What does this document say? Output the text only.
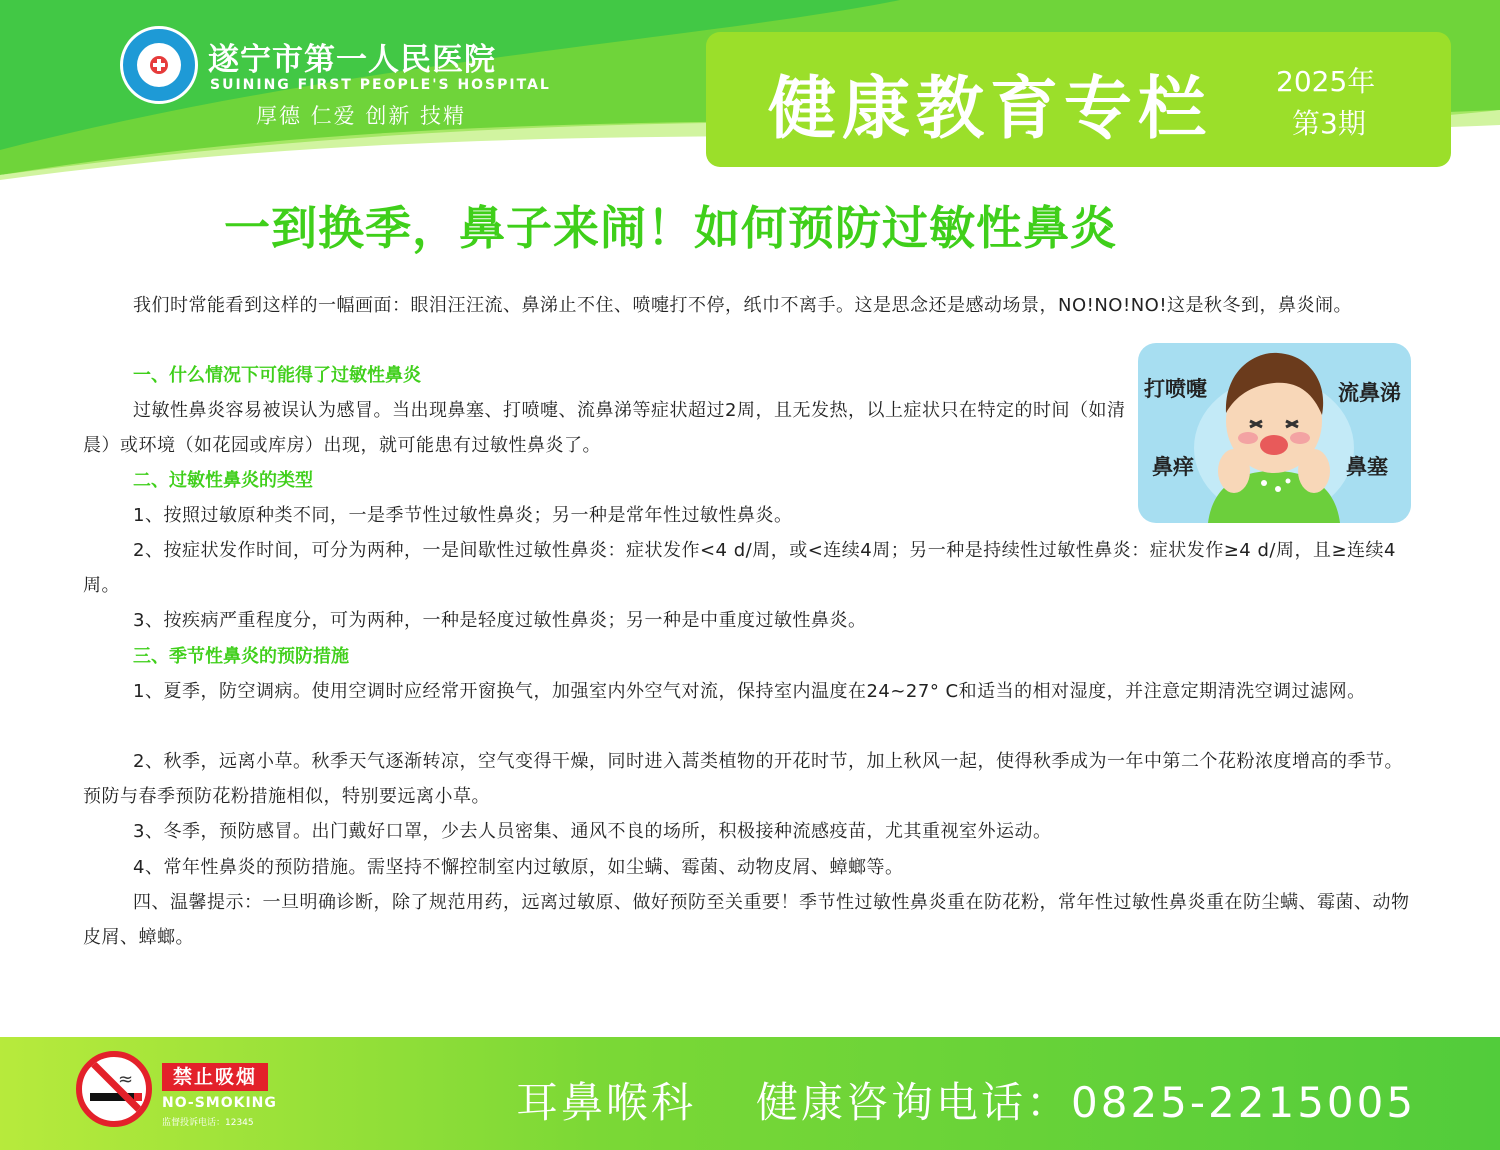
遂宁市第一人民医院
SUINING FIRST PEOPLE'S HOSPITAL
厚德 仁爱 创新 技精	健康教育专栏 2025年
第3期
一到换季，鼻子来闹！如何预防过敏性鼻炎

我们时常能看到这样的一幅画面：眼泪汪汪流、鼻涕止不住、喷嚏打不停，纸巾不离手。这是思念还是感动场景，NO!NO!NO!这是秋冬到，鼻炎闹。

一、什么情况下可能得了过敏性鼻炎

过敏性鼻炎容易被误认为感冒。当出现鼻塞、打喷嚏、流鼻涕等症状超过2周，且无发热，以上症状只在特定的时间（如清晨）或环境（如花园或库房）出现，就可能患有过敏性鼻炎了。

二、过敏性鼻炎的类型

1、按照过敏原种类不同，一是季节性过敏性鼻炎；另一种是常年性过敏性鼻炎。

2、按症状发作时间，可分为两种，一是间歇性过敏性鼻炎：症状发作<4 d/周，或<连续4周；另一种是持续性过敏性鼻炎：症状发作≥4 d/周，且≥连续4周。

3、按疾病严重程度分，可为两种，一种是轻度过敏性鼻炎；另一种是中重度过敏性鼻炎。

三、季节性鼻炎的预防措施

1、夏季，防空调病。使用空调时应经常开窗换气，加强室内外空气对流，保持室内温度在24~27° C和适当的相对湿度，并注意定期清洗空调过滤网。

2、秋季，远离小草。秋季天气逐渐转凉，空气变得干燥，同时进入蒿类植物的开花时节，加上秋风一起，使得秋季成为一年中第二个花粉浓度增高的季节。预防与春季预防花粉措施相似，特别要远离小草。

3、冬季，预防感冒。出门戴好口罩，少去人员密集、通风不良的场所，积极接种流感疫苗，尤其重视室外运动。

4、常年性鼻炎的预防措施。需坚持不懈控制室内过敏原，如尘螨、霉菌、动物皮屑、蟑螂等。

四、温馨提示：一旦明确诊断，除了规范用药，远离过敏原、做好预防至关重要！季节性过敏性鼻炎重在防花粉，常年性过敏性鼻炎重在防尘螨、霉菌、动物皮屑、蟑螂。

打喷嚏	流鼻涕
鼻痒	鼻塞
≈	禁止吸烟
NO-SMOKING
监督投诉电话：12345	耳鼻喉科 健康咨询电话：0825-2215005
